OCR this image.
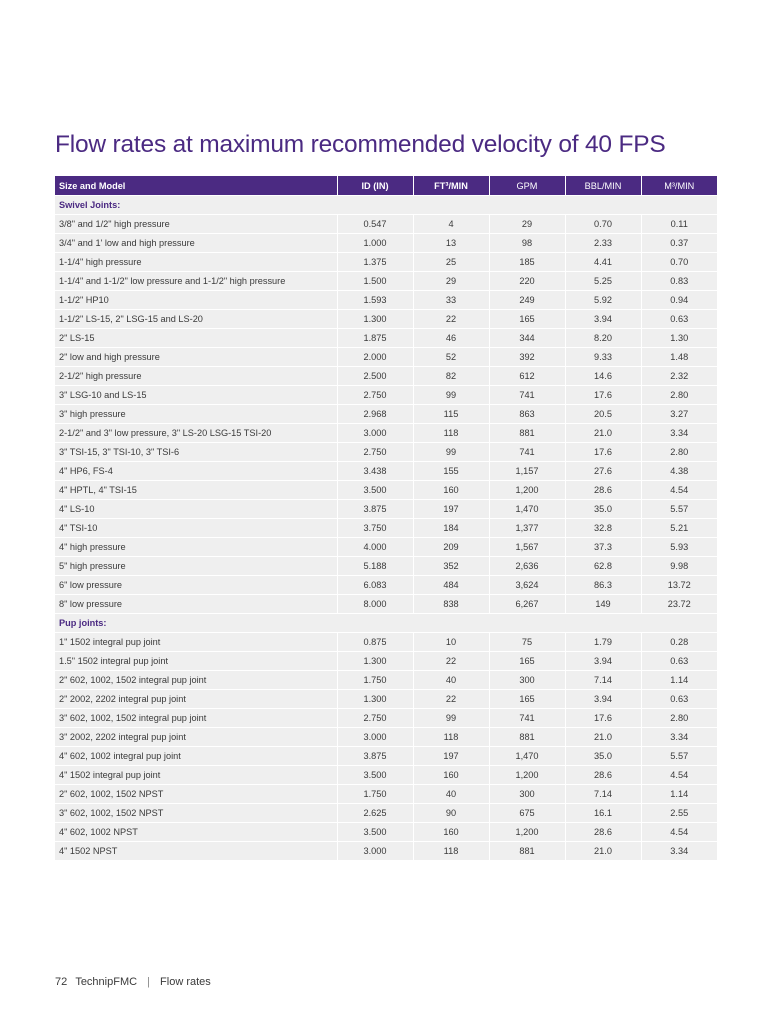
Flow rates at maximum recommended velocity of 40 FPS
Size and Model	ID (IN)	FT³/MIN	GPM	BBL/MIN	M³/MIN
Swivel Joints:					
3/8" and 1/2" high pressure	0.547	4	29	0.70	0.11
3/4" and 1' low and high pressure	1.000	13	98	2.33	0.37
1-1/4" high pressure	1.375	25	185	4.41	0.70
1-1/4" and 1-1/2" low pressure and 1-1/2" high pressure	1.500	29	220	5.25	0.83
1-1/2" HP10	1.593	33	249	5.92	0.94
1-1/2" LS-15, 2" LSG-15 and LS-20	1.300	22	165	3.94	0.63
2" LS-15	1.875	46	344	8.20	1.30
2" low and high pressure	2.000	52	392	9.33	1.48
2-1/2" high pressure	2.500	82	612	14.6	2.32
3" LSG-10 and LS-15	2.750	99	741	17.6	2.80
3" high pressure	2.968	115	863	20.5	3.27
2-1/2" and 3" low pressure, 3" LS-20 LSG-15 TSI-20	3.000	118	881	21.0	3.34
3" TSI-15, 3" TSI-10, 3" TSI-6	2.750	99	741	17.6	2.80
4" HP6, FS-4	3.438	155	1,157	27.6	4.38
4" HPTL, 4" TSI-15	3.500	160	1,200	28.6	4.54
4" LS-10	3.875	197	1,470	35.0	5.57
4" TSI-10	3.750	184	1,377	32.8	5.21
4" high pressure	4.000	209	1,567	37.3	5.93
5" high pressure	5.188	352	2,636	62.8	9.98
6" low pressure	6.083	484	3,624	86.3	13.72
8" low pressure	8.000	838	6,267	149	23.72
Pup joints:					
1" 1502 integral pup joint	0.875	10	75	1.79	0.28
1.5" 1502 integral pup joint	1.300	22	165	3.94	0.63
2" 602, 1002, 1502 integral pup joint	1.750	40	300	7.14	1.14
2" 2002, 2202 integral pup joint	1.300	22	165	3.94	0.63
3" 602, 1002, 1502 integral pup joint	2.750	99	741	17.6	2.80
3" 2002, 2202 integral pup joint	3.000	118	881	21.0	3.34
4" 602, 1002 integral pup joint	3.875	197	1,470	35.0	5.57
4" 1502 integral pup joint	3.500	160	1,200	28.6	4.54
2" 602, 1002, 1502 NPST	1.750	40	300	7.14	1.14
3" 602, 1002, 1502 NPST	2.625	90	675	16.1	2.55
4" 602, 1002 NPST	3.500	160	1,200	28.6	4.54
4" 1502 NPST	3.000	118	881	21.0	3.34
72 TechnipFMC | Flow rates
